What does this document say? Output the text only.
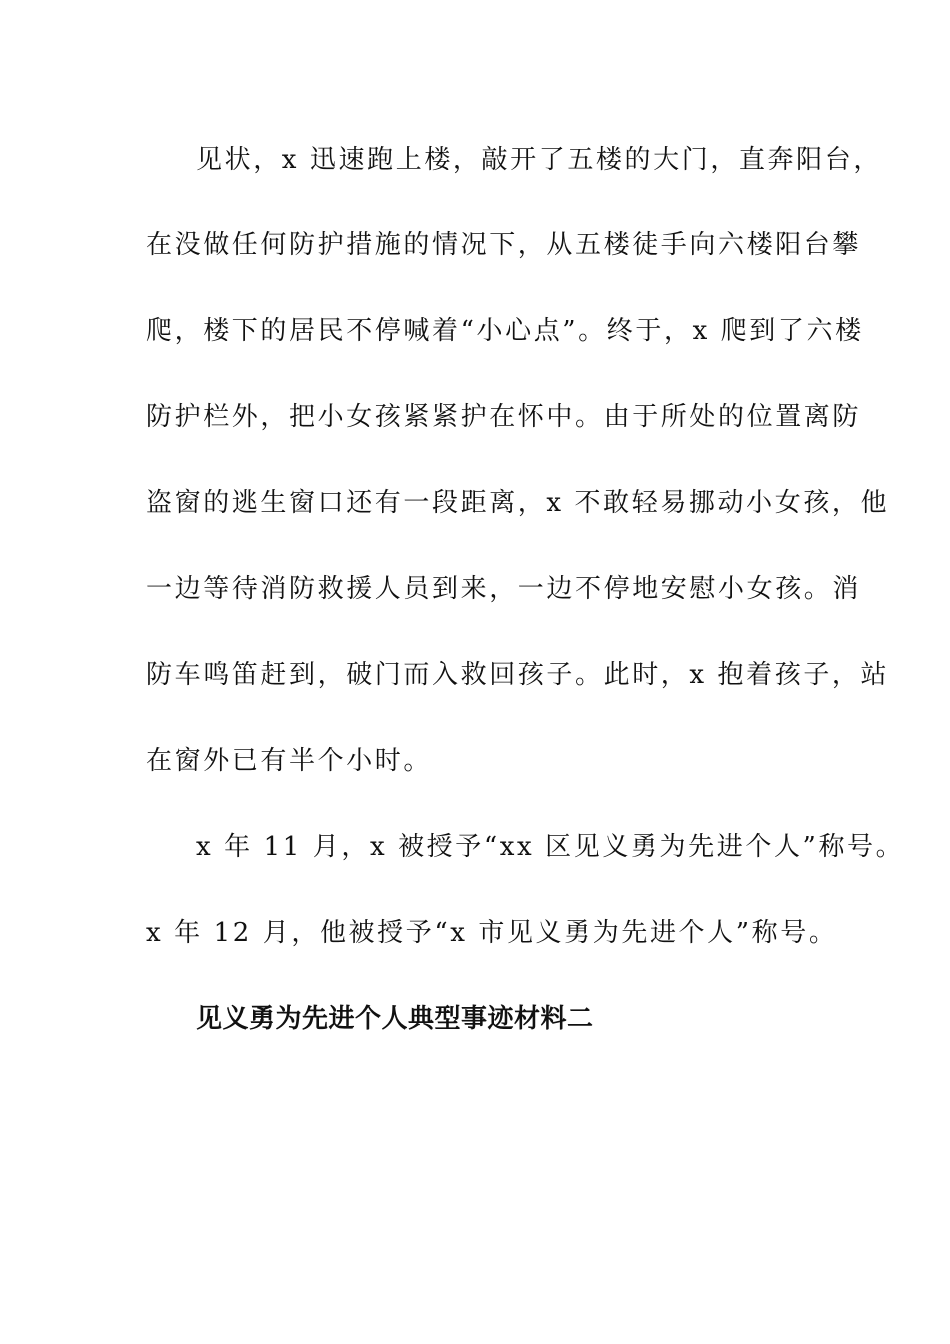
见状，x 迅速跑上楼，敲开了五楼的大门，直奔阳台，
在没做任何防护措施的情况下，从五楼徒手向六楼阳台攀
爬，楼下的居民不停喊着“小心点”。终于，x 爬到了六楼
防护栏外，把小女孩紧紧护在怀中。由于所处的位置离防
盗窗的逃生窗口还有一段距离，x 不敢轻易挪动小女孩，他
一边等待消防救援人员到来，一边不停地安慰小女孩。消
防车鸣笛赶到，破门而入救回孩子。此时，x 抱着孩子，站
在窗外已有半个小时。
x 年 11 月，x 被授予“xx 区见义勇为先进个人”称号。
x 年 12 月，他被授予“x 市见义勇为先进个人”称号。
见义勇为先进个人典型事迹材料二
